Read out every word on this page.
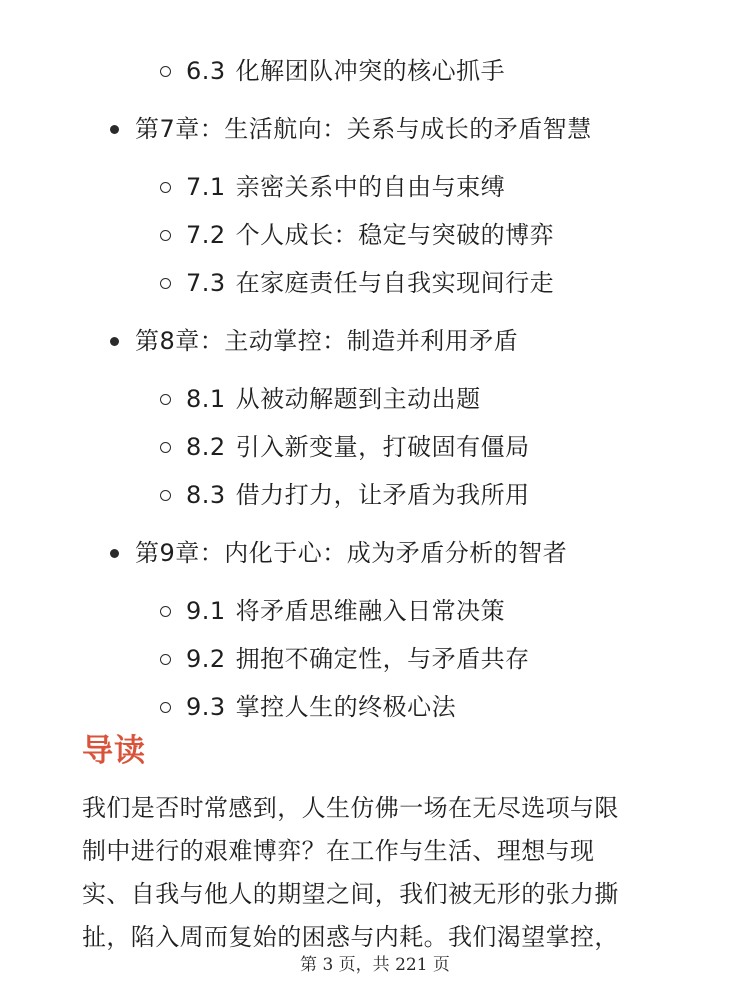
6.3 化解团队冲突的核心抓手
第7章：生活航向：关系与成长的矛盾智慧
7.1 亲密关系中的自由与束缚
7.2 个人成长：稳定与突破的博弈
7.3 在家庭责任与自我实现间行走
第8章：主动掌控：制造并利用矛盾
8.1 从被动解题到主动出题
8.2 引入新变量，打破固有僵局
8.3 借力打力，让矛盾为我所用
第9章：内化于心：成为矛盾分析的智者
9.1 将矛盾思维融入日常决策
9.2 拥抱不确定性，与矛盾共存
9.3 掌控人生的终极心法
导读
我们是否时常感到，人生仿佛一场在无尽选项与限
制中进行的艰难博弈？在工作与生活、理想与现
实、自我与他人的期望之间，我们被无形的张力撕
扯，陷入周而复始的困惑与内耗。我们渴望掌控，
第 3 页，共 221 页
